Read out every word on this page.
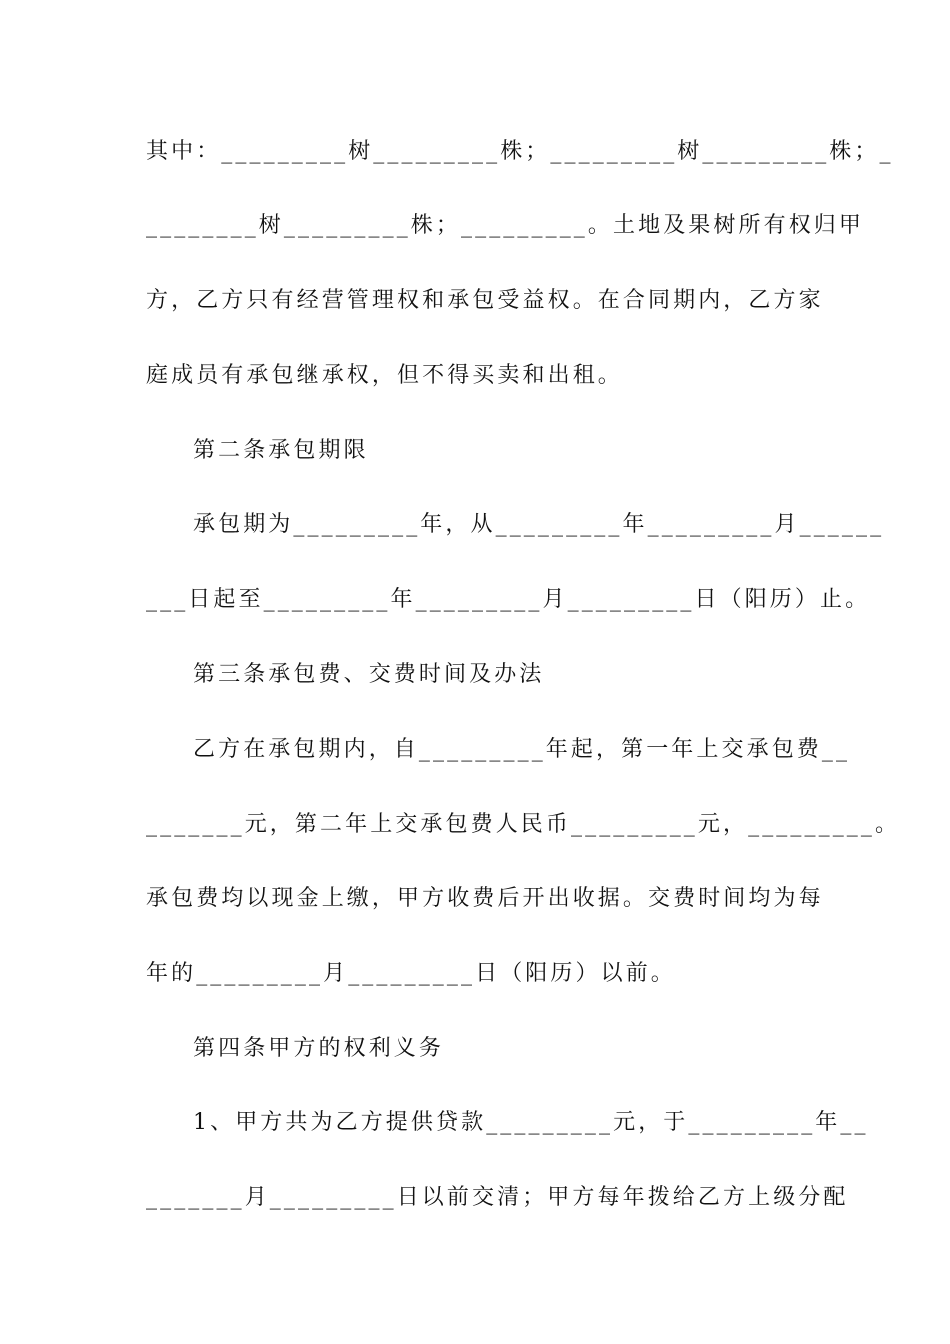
其中：_________树_________株；_________树_________株；_
________树_________株；_________。土地及果树所有权归甲
方，乙方只有经营管理权和承包受益权。在合同期内，乙方家
庭成员有承包继承权，但不得买卖和出租。
第二条承包期限
承包期为_________年，从_________年_________月______
___日起至_________年_________月_________日（阳历）止。
第三条承包费、交费时间及办法
乙方在承包期内，自_________年起，第一年上交承包费__
_______元，第二年上交承包费人民币_________元，_________。
承包费均以现金上缴，甲方收费后开出收据。交费时间均为每
年的_________月_________日（阳历）以前。
第四条甲方的权利义务
1、甲方共为乙方提供贷款_________元，于_________年__
_______月_________日以前交清；甲方每年拨给乙方上级分配
